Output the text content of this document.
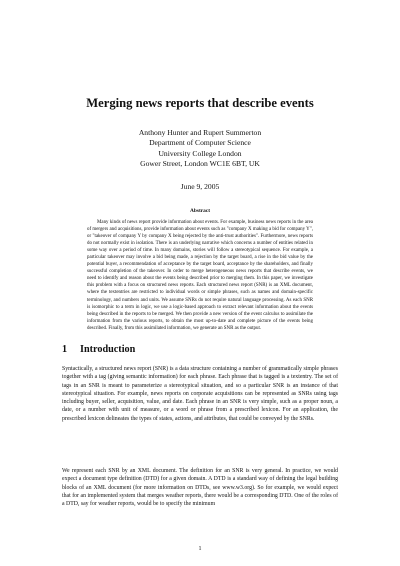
Merging news reports that describe events
Anthony Hunter and Rupert Summerton
Department of Computer Science
University College London
Gower Street, London WC1E 6BT, UK
June 9, 2005
Abstract

Many kinds of news report provide information about events. For example, business news reports in the area of mergers and acquisitions, provide information about events such as "company X making a bid for company Y", or "takeover of company Y by company X being rejected by the anti-trust authorities". Furthermore, news reports do not normally exist in isolation. There is an underlying narrative which concerns a number of entities related in some way over a period of time. In many domains, stories will follow a stereotypical sequence. For example, a particular takeover may involve a bid being made, a rejection by the target board, a rise in the bid value by the potential buyer, a recommendation of acceptance by the target board, acceptance by the shareholders, and finally successful completion of the takeover. In order to merge heterogeneous news reports that describe events, we need to identify and reason about the events being described prior to merging them. In this paper, we investigate this problem with a focus on structured news reports. Each structured news report (SNR) is an XML document, where the textentries are restricted to individual words or simple phrases, such as names and domain-specific terminology, and numbers and units. We assume SNRs do not require natural language processing. As each SNR is isomorphic to a term in logic, we use a logic-based approach to extract relevant information about the events being described in the reports to be merged. We then provide a new version of the event calculus to assimilate the information from the various reports, to obtain the most up-to-date and complete picture of the events being described. Finally, from this assimilated information, we generate an SNR as the output.

1 Introduction

Syntactically, a structured news report (SNR) is a data structure containing a number of grammatically simple phrases together with a tag (giving semantic information) for each phrase. Each phrase that is tagged is a textentry. The set of tags in an SNR is meant to parameterize a stereotypical situation, and so a particular SNR is an instance of that stereotypical situation. For example, news reports on corporate acquisitions can be represented as SNRs using tags including buyer, seller, acquisition, value, and date. Each phrase in an SNR is very simple, such as a proper noun, a date, or a number with unit of measure, or a word or phrase from a prescribed lexicon. For an application, the prescribed lexicon delineates the types of states, actions, and attributes, that could be conveyed by the SNRs.

We represent each SNR by an XML document. The definition for an SNR is very general. In practice, we would expect a document type definition (DTD) for a given domain. A DTD is a standard way of defining the legal building blocks of an XML document (for more information on DTDs, see www.w3.org). So for example, we would expect that for an implemented system that merges weather reports, there would be a corresponding DTD. One of the roles of a DTD, say for weather reports, would be to specify the minimum

1
